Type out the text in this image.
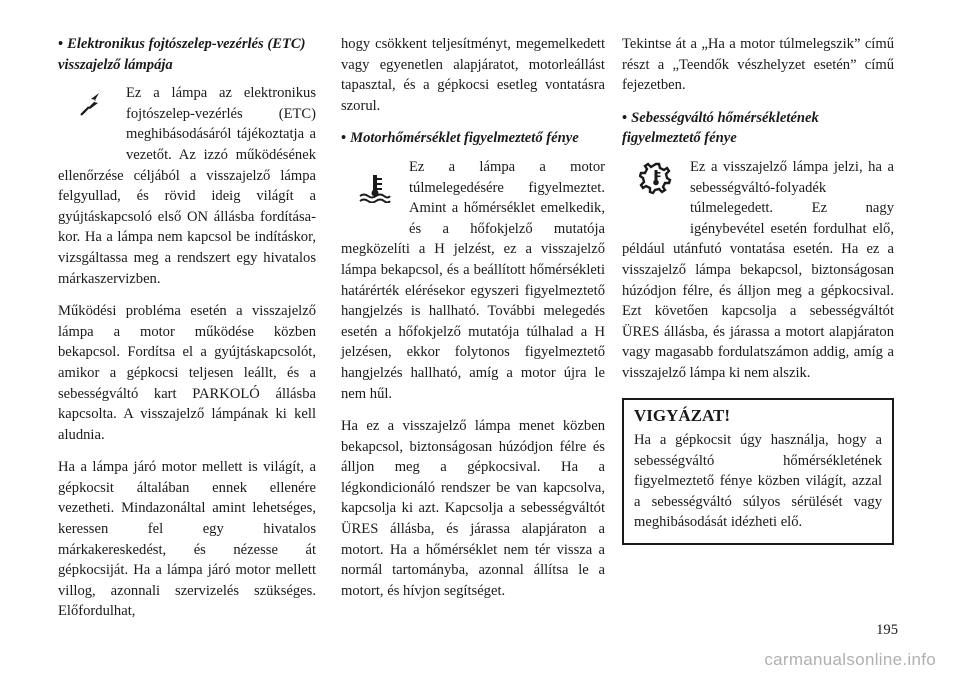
• Elektronikus fojtószelep-vezérlés (ETC) visszajelző lámpája

Ez a lámpa az elektronikus fojtószelep-vezérlés (ETC) meghibásodásáról tájékoztatja a vezetőt. Az izzó működésének ellenőrzése céljából a visszajelző lámpa felgyullad, és rövid ideig világít a gyújtáskapcsoló első ON állásba fordításakor. Ha a lámpa nem kapcsol be indításkor, vizsgáltassa meg a rendszert egy hivatalos márkaszervizben.

Működési probléma esetén a visszajelző lámpa a motor működése közben bekapcsol. Fordítsa el a gyújtáskapcsolót, amikor a gépkocsi teljesen leállt, és a sebességváltó kart PARKOLÓ állásba kapcsolta. A visszajelző lámpának ki kell aludnia.

Ha a lámpa járó motor mellett is világít, a gépkocsit általában ennek ellenére vezetheti. Mindazonáltal amint lehetséges, keressen fel egy hivatalos márkakereskedést, és nézesse át gépkocsiját. Ha a lámpa járó motor mellett villog, azonnali szervizelés szükséges. Előfordulhat,

hogy csökkent teljesítményt, megemelkedett vagy egyenetlen alapjáratot, motorleállást tapasztal, és a gépkocsi esetleg vontatásra szorul.

• Motorhőmérséklet figyelmeztető fénye

Ez a lámpa a motor túlmelegedésére figyelmeztet. Amint a hőmérséklet emelkedik, és a hőfokjelző mutatója megközelíti a H jelzést, ez a visszajelző lámpa bekapcsol, és a beállított hőmérsékleti határérték elérésekor egyszeri figyelmeztető hangjelzés is hallható. További melegedés esetén a hőfokjelző mutatója túlhalad a H jelzésen, ekkor folytonos figyelmeztető hangjelzés hallható, amíg a motor újra le nem hűl.

Ha ez a visszajelző lámpa menet közben bekapcsol, biztonságosan húzódjon félre és álljon meg a gépkocsival. Ha a légkondicionáló rendszer be van kapcsolva, kapcsolja ki azt. Kapcsolja a sebességváltót ÜRES állásba, és járassa alapjáraton a motort. Ha a hőmérséklet nem tér vissza a normál tartományba, azonnal állítsa le a motort, és hívjon segítséget.

Tekintse át a „Ha a motor túlmelegszik” című részt a „Teendők vészhelyzet esetén” című fejezetben.

• Sebességváltó hőmérsékletének figyelmeztető fénye

Ez a visszajelző lámpa jelzi, ha a sebességváltó-folyadék túlmelegedett. Ez nagy igénybevétel esetén fordulhat elő, például utánfutó vontatása esetén. Ha ez a visszajelző lámpa bekapcsol, biztonságosan húzódjon félre, és álljon meg a gépkocsival. Ezt követően kapcsolja a sebességváltót ÜRES állásba, és járassa a motort alapjáraton vagy magasabb fordulatszámon addig, amíg a visszajelző lámpa ki nem alszik.

VIGYÁZAT!

Ha a gépkocsit úgy használja, hogy a sebességváltó hőmérsékletének figyelmeztető fénye közben világít, azzal a sebességváltó súlyos sérülését vagy meghibásodását idézheti elő.

195
carmanualsonline.info
